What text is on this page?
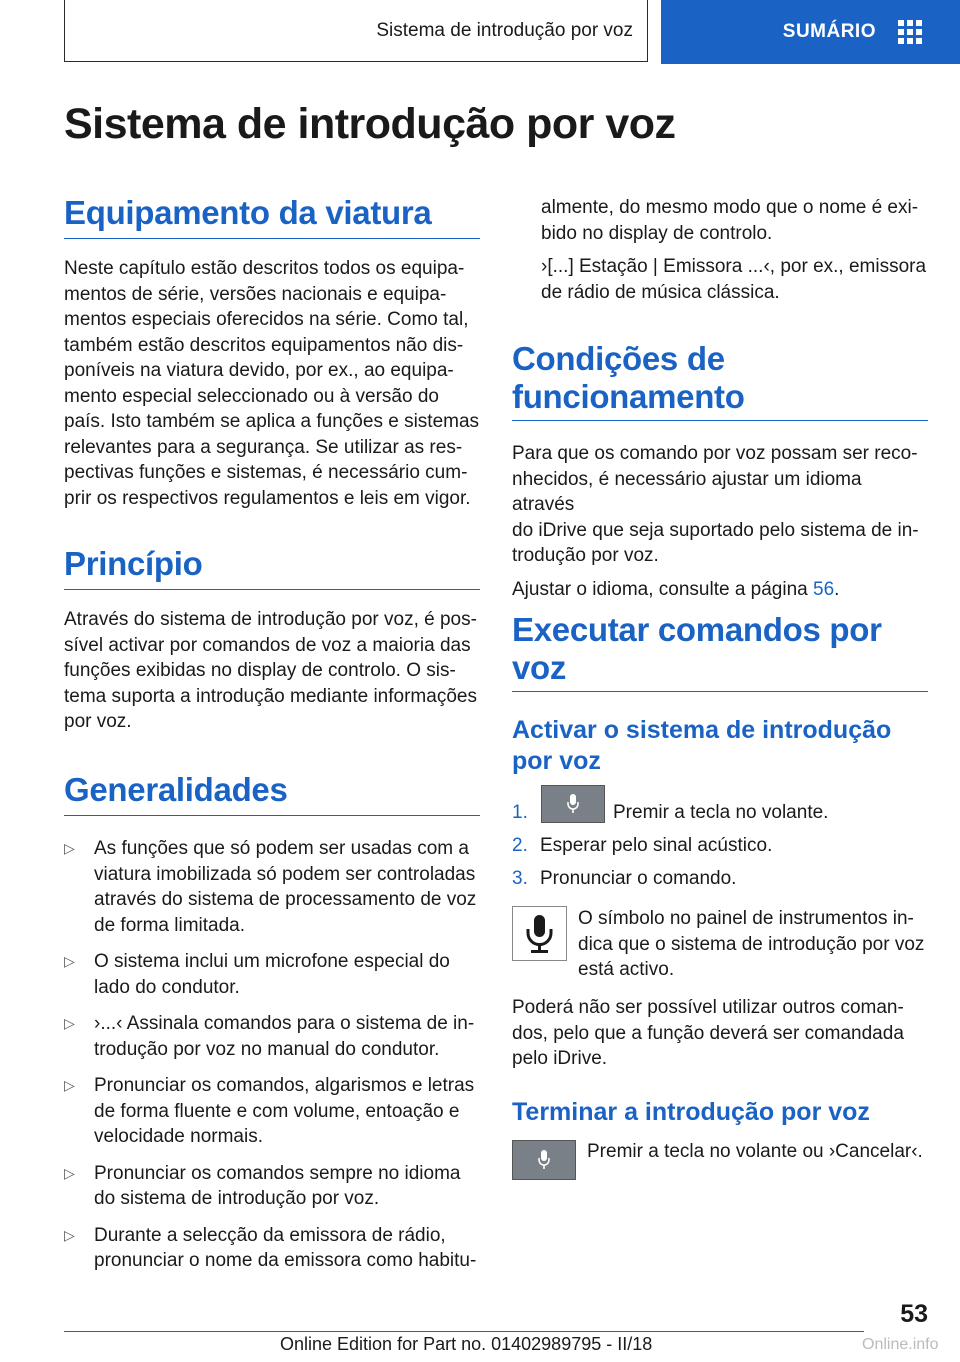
Sistema de introdução por voz	SUMÁRIO
Sistema de introdução por voz
Equipamento da viatura

Neste capítulo estão descritos todos os equipa-

mentos de série, versões nacionais e equipa-

mentos especiais oferecidos na série. Como tal,

também estão descritos equipamentos não dis-

poníveis na viatura devido, por ex., ao equipa-

mento especial seleccionado ou à versão do

país. Isto também se aplica a funções e sistemas

relevantes para a segurança. Se utilizar as res-

pectivas funções e sistemas, é necessário cum-

prir os respectivos regulamentos e leis em vigor.

Princípio

Através do sistema de introdução por voz, é pos-

sível activar por comandos de voz a maioria das

funções exibidas no display de controlo. O sis-

tema suporta a introdução mediante informações

por voz.

Generalidades
▷ As funções que só podem ser usadas com a
viatura imobilizada só podem ser controladas
através do sistema de processamento de voz
de forma limitada.
▷ O sistema inclui um microfone especial do
lado do condutor.
▷ ›...‹ Assinala comandos para o sistema de in-
trodução por voz no manual do condutor.
▷ Pronunciar os comandos, algarismos e letras
de forma fluente e com volume, entoação e
velocidade normais.
▷ Pronunciar os comandos sempre no idioma
do sistema de introdução por voz.
▷ Durante a selecção da emissora de rádio,
pronunciar o nome da emissora como habitu-

almente, do mesmo modo que o nome é exi-

bido no display de controlo.

›[...] Estação | Emissora ...‹, por ex., emissora

de rádio de música clássica.

Condições de
funcionamento

Para que os comando por voz possam ser reco-

nhecidos, é necessário ajustar um idioma através

do iDrive que seja suportado pelo sistema de in-

trodução por voz.

Ajustar o idioma, consulte a página 56.

Executar comandos por
voz
Activar o sistema de introdução
por voz
1.	Premir a tecla no volante.
2. Esperar pelo sinal acústico.
3. Pronunciar o comando.

O símbolo no painel de instrumentos in-

dica que o sistema de introdução por voz

está activo.

Poderá não ser possível utilizar outros coman-

dos, pelo que a função deverá ser comandada

pelo iDrive.

Terminar a introdução por voz

Premir a tecla no volante ou ›Cancelar‹.

53
Online Edition for Part no. 01402989795 - II/18	Online.info
